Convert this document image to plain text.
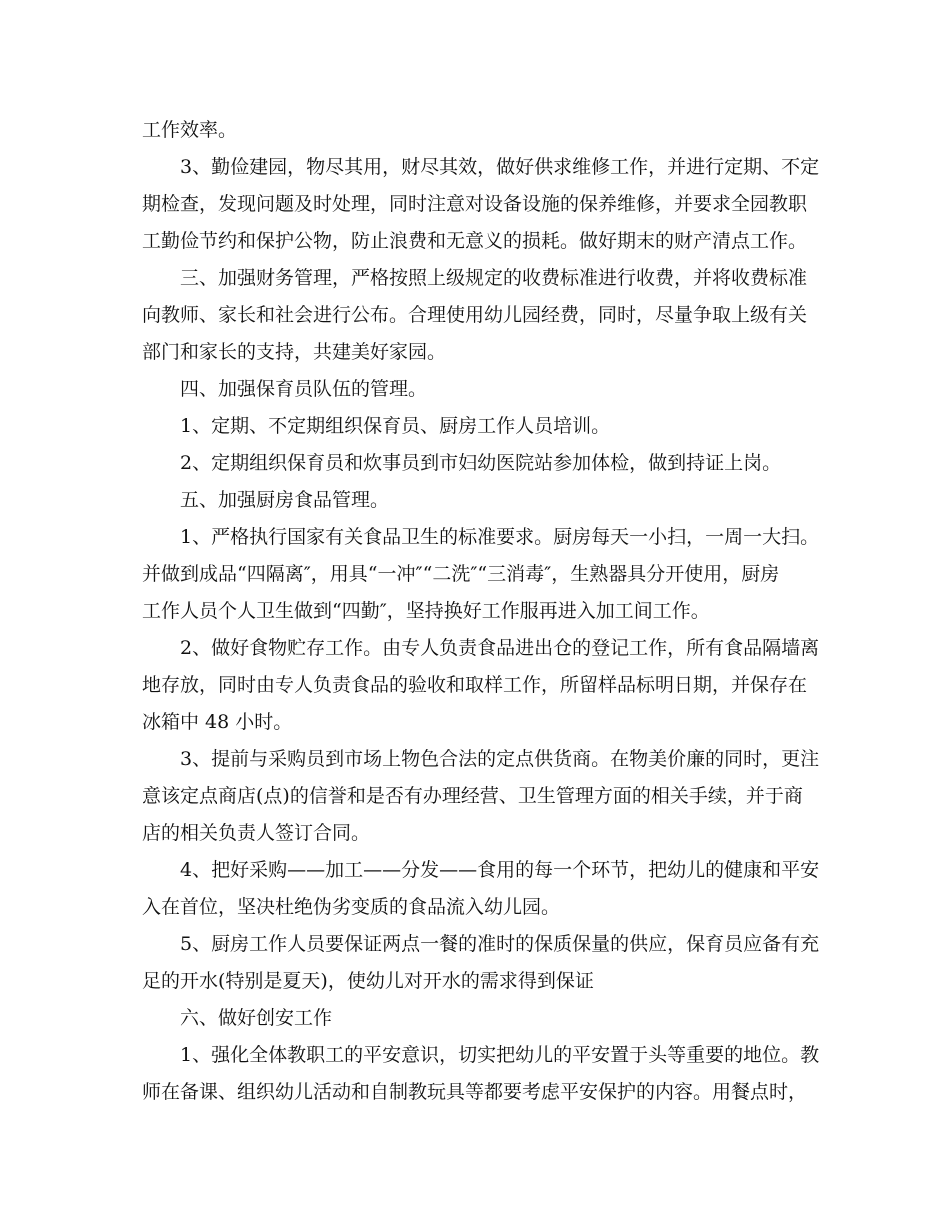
工作效率。
3、勤俭建园，物尽其用，财尽其效，做好供求维修工作，并进行定期、不定
期检查，发现问题及时处理，同时注意对设备设施的保养维修，并要求全园教职
工勤俭节约和保护公物，防止浪费和无意义的损耗。做好期末的财产清点工作。
三、加强财务管理，严格按照上级规定的收费标准进行收费，并将收费标准
向教师、家长和社会进行公布。合理使用幼儿园经费，同时，尽量争取上级有关
部门和家长的支持，共建美好家园。
四、加强保育员队伍的管理。
1、定期、不定期组织保育员、厨房工作人员培训。
2、定期组织保育员和炊事员到市妇幼医院站参加体检，做到持证上岗。
五、加强厨房食品管理。
1、严格执行国家有关食品卫生的标准要求。厨房每天一小扫，一周一大扫。
并做到成品“四隔离″，用具“一冲″“二洗″“三消毒″，生熟器具分开使用，厨房
工作人员个人卫生做到“四勤″，坚持换好工作服再进入加工间工作。
2、做好食物贮存工作。由专人负责食品进出仓的登记工作，所有食品隔墙离
地存放，同时由专人负责食品的验收和取样工作，所留样品标明日期，并保存在
冰箱中 48 小时。
3、提前与采购员到市场上物色合法的定点供货商。在物美价廉的同时，更注
意该定点商店(点)的信誉和是否有办理经营、卫生管理方面的相关手续，并于商
店的相关负责人签订合同。
4、把好采购——加工——分发——食用的每一个环节，把幼儿的健康和平安
入在首位，坚决杜绝伪劣变质的食品流入幼儿园。
5、厨房工作人员要保证两点一餐的准时的保质保量的供应，保育员应备有充
足的开水(特别是夏天)，使幼儿对开水的需求得到保证
六、做好创安工作
1、强化全体教职工的平安意识，切实把幼儿的平安置于头等重要的地位。教
师在备课、组织幼儿活动和自制教玩具等都要考虑平安保护的内容。用餐点时，
